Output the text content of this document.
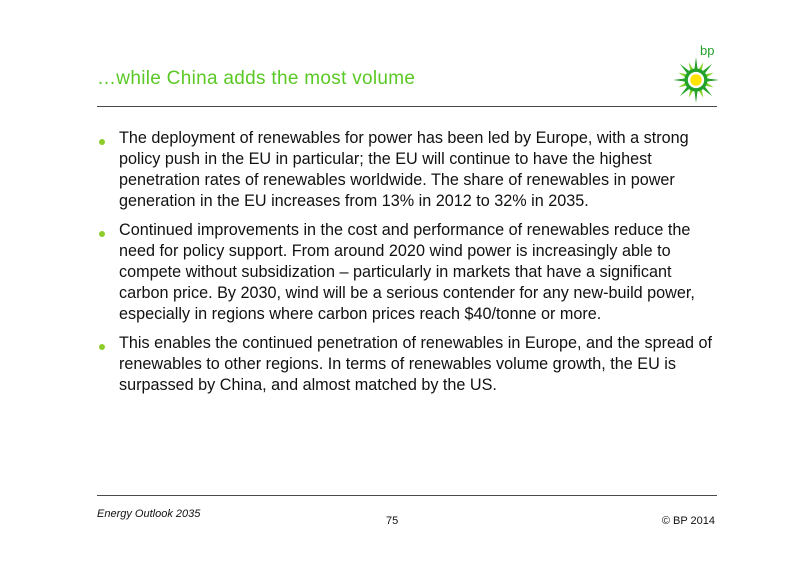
bp
…while China adds the most volume
The deployment of renewables for power has been led by Europe, with a strong policy push in the EU in particular; the EU will continue to have the highest penetration rates of renewables worldwide. The share of renewables in power generation in the EU increases from 13% in 2012 to 32% in 2035.
Continued improvements in the cost and performance of renewables reduce the need for policy support. From around 2020 wind power is increasingly able to compete without subsidization – particularly in markets that have a significant carbon price. By 2030, wind will be a serious contender for any new-build power, especially in regions where carbon prices reach $40/tonne or more.
This enables the continued penetration of renewables in Europe, and the spread of renewables to other regions. In terms of renewables volume growth, the EU is surpassed by China, and almost matched by the US.
Energy Outlook 2035
75	© BP 2014
